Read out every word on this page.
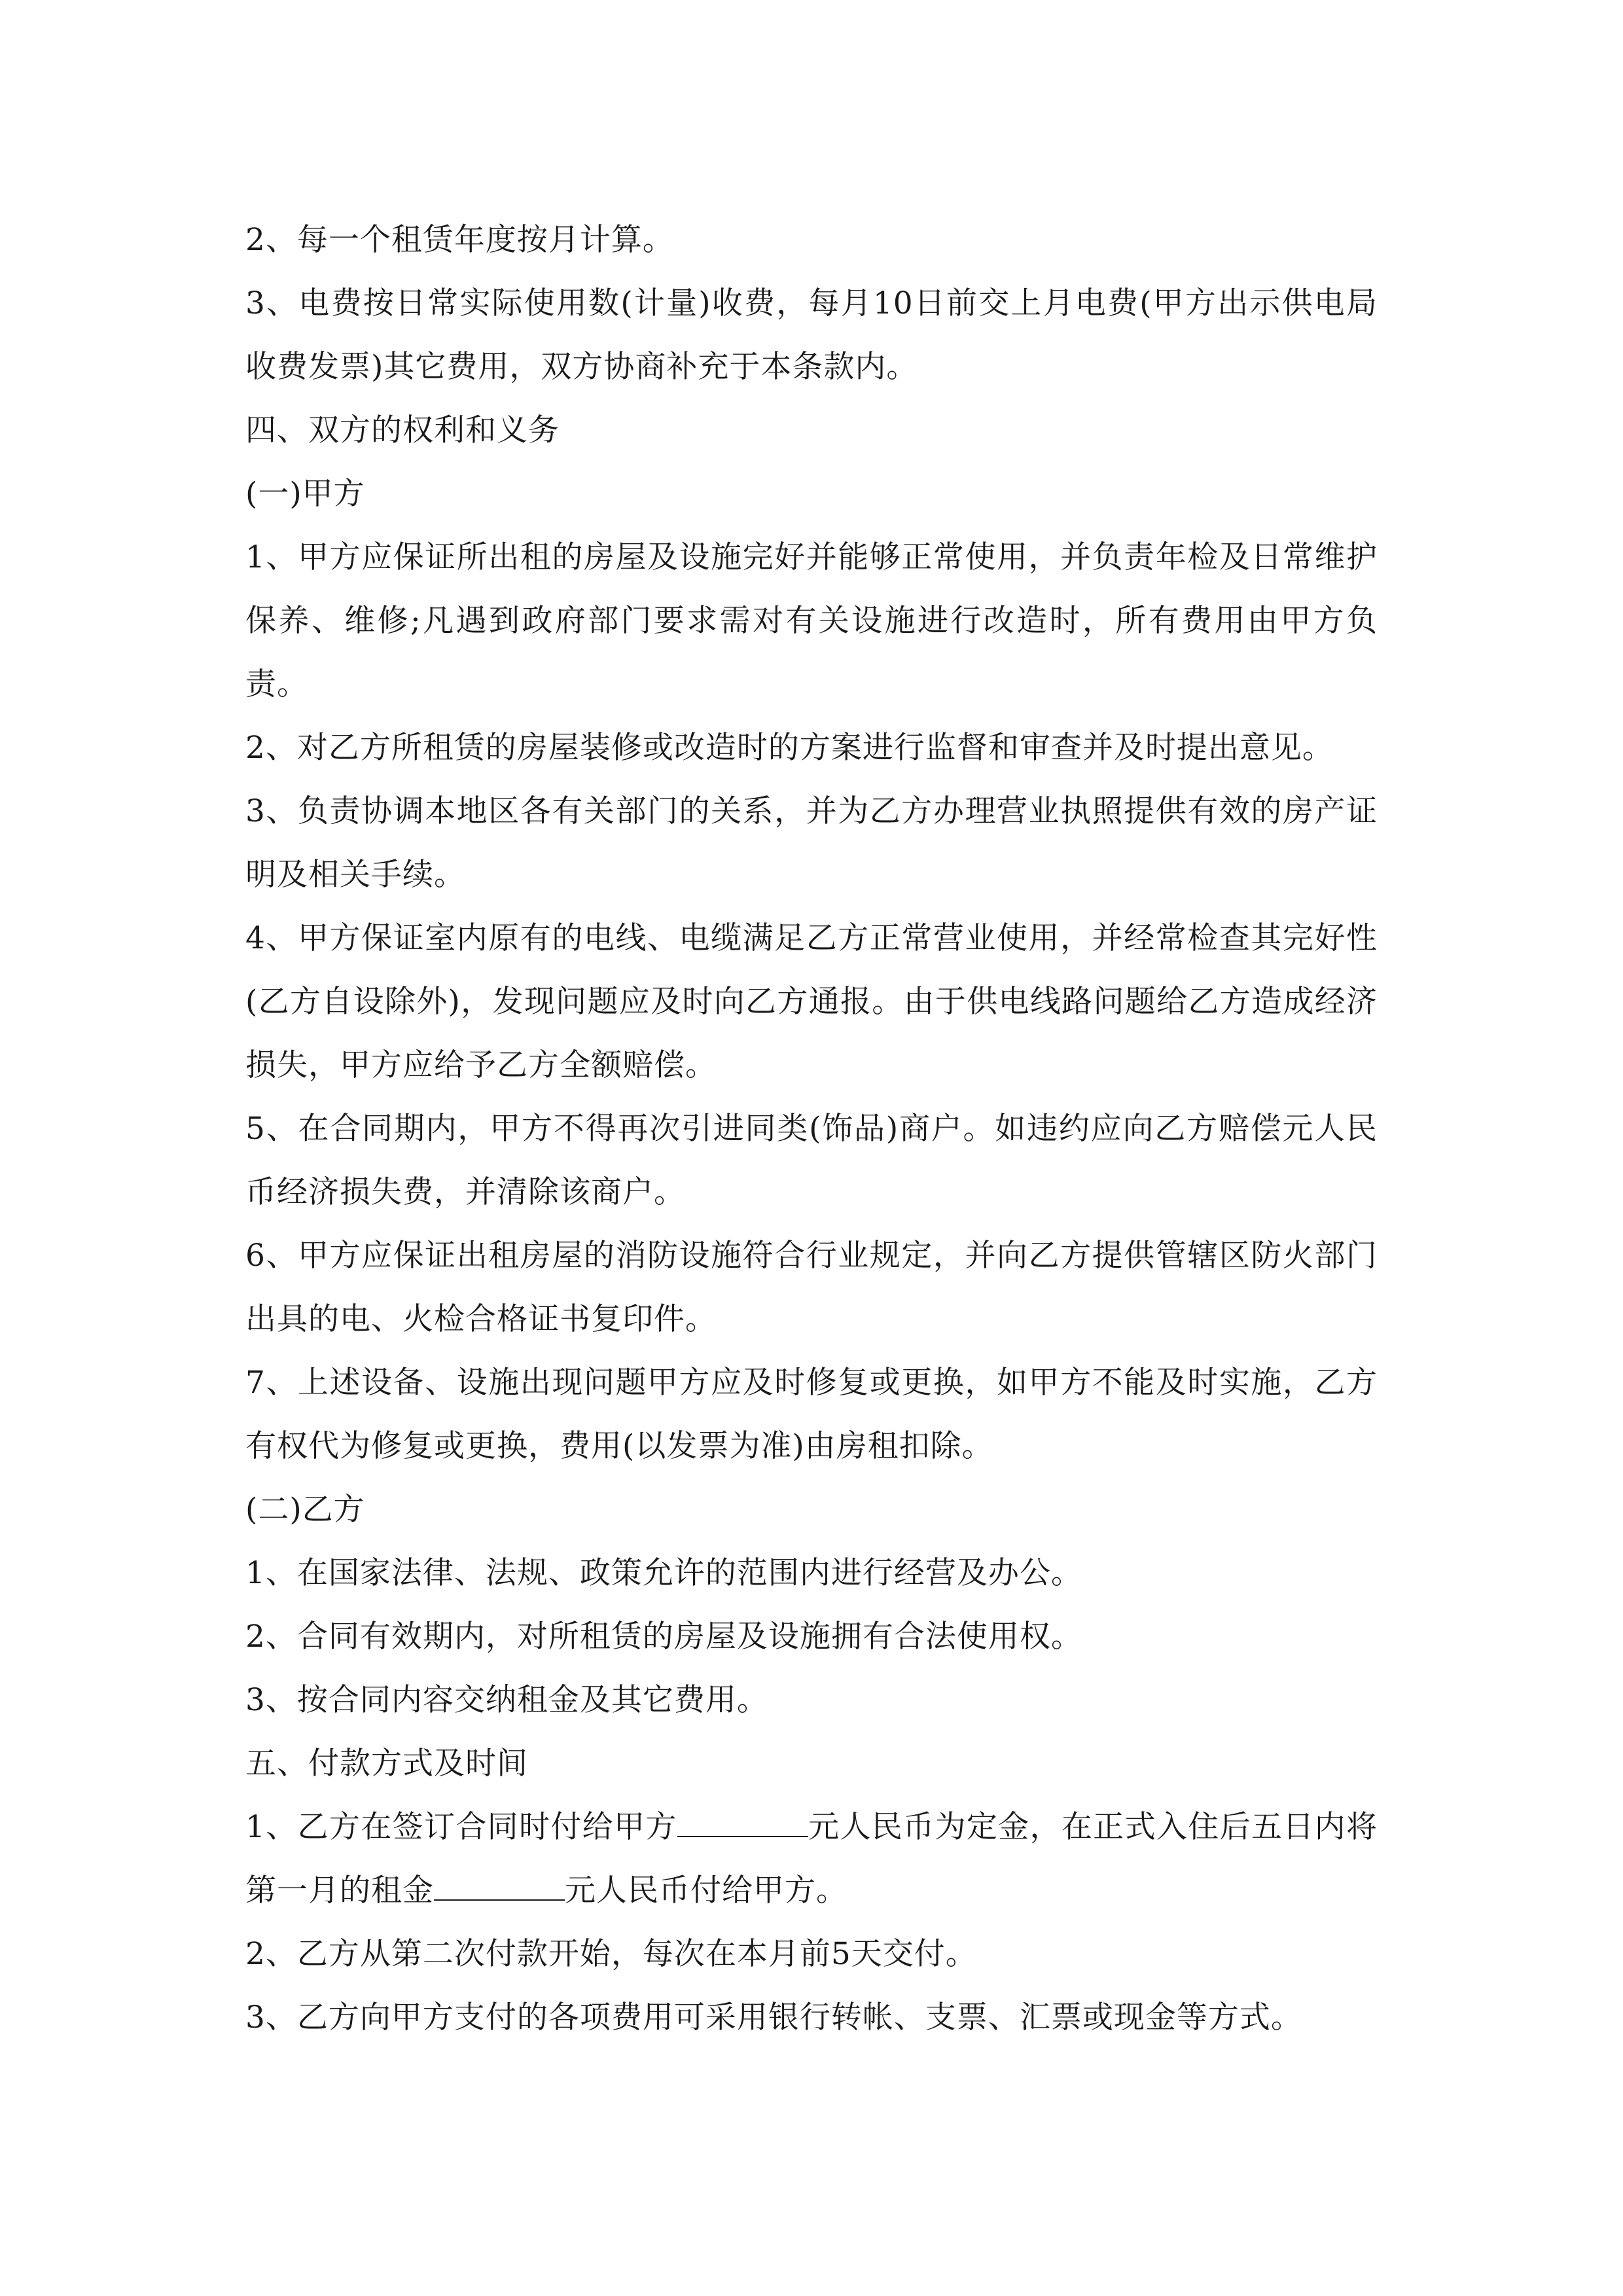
2、每一个租赁年度按月计算。

3、电费按日常实际使用数(计量)收费，每月10日前交上月电费(甲方出示供电局收费发票)其它费用，双方协商补充于本条款内。

四、双方的权利和义务

(一)甲方

1、甲方应保证所出租的房屋及设施完好并能够正常使用，并负责年检及日常维护保养、维修;凡遇到政府部门要求需对有关设施进行改造时，所有费用由甲方负责。

2、对乙方所租赁的房屋装修或改造时的方案进行监督和审查并及时提出意见。

3、负责协调本地区各有关部门的关系，并为乙方办理营业执照提供有效的房产证明及相关手续。

4、甲方保证室内原有的电线、电缆满足乙方正常营业使用，并经常检查其完好性(乙方自设除外)，发现问题应及时向乙方通报。由于供电线路问题给乙方造成经济损失，甲方应给予乙方全额赔偿。

5、在合同期内，甲方不得再次引进同类(饰品)商户。如违约应向乙方赔偿元人民币经济损失费，并清除该商户。

6、甲方应保证出租房屋的消防设施符合行业规定，并向乙方提供管辖区防火部门出具的电、火检合格证书复印件。

7、上述设备、设施出现问题甲方应及时修复或更换，如甲方不能及时实施，乙方有权代为修复或更换，费用(以发票为准)由房租扣除。

(二)乙方

1、在国家法律、法规、政策允许的范围内进行经营及办公。

2、合同有效期内，对所租赁的房屋及设施拥有合法使用权。

3、按合同内容交纳租金及其它费用。

五、付款方式及时间

1、乙方在签订合同时付给甲方	元人民币为定金，在正式入住后五日内将第一月的租金	元人民币付给甲方。

2、乙方从第二次付款开始，每次在本月前5天交付。

3、乙方向甲方支付的各项费用可采用银行转帐、支票、汇票或现金等方式。
